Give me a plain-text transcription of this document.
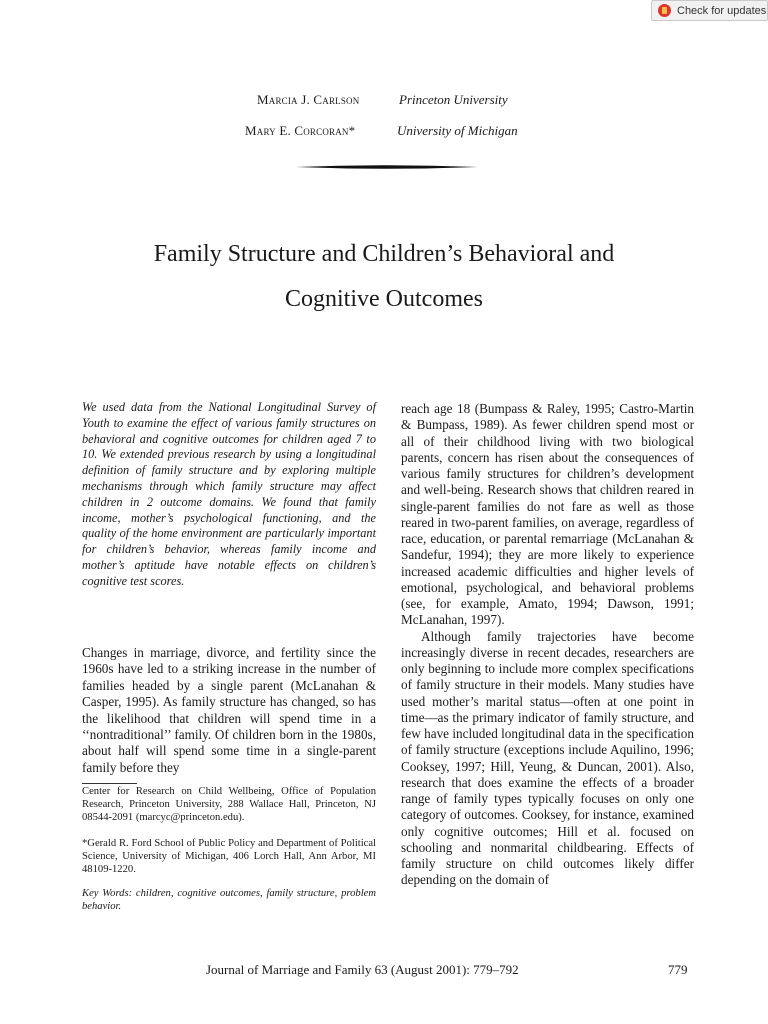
Check for updates
Marcia J. Carlson	Princeton University
Mary E. Corcoran*	University of Michigan
Family Structure and Children’s Behavioral and
Cognitive Outcomes
We used data from the National Longitudinal Survey of Youth to examine the effect of various family structures on behavioral and cognitive outcomes for children aged 7 to 10. We extended previous research by using a longitudinal definition of family structure and by exploring multiple mechanisms through which family structure may affect children in 2 outcome domains. We found that family income, mother’s psychological functioning, and the quality of the home environment are particularly important for children’s behavior, whereas family income and mother’s aptitude have notable effects on children’s cognitive test scores.
Changes in marriage, divorce, and fertility since the 1960s have led to a striking increase in the number of families headed by a single parent (McLanahan & Casper, 1995). As family structure has changed, so has the likelihood that children will spend time in a ‘‘nontraditional’’ family. Of children born in the 1980s, about half will spend some time in a single-parent family before they
Center for Research on Child Wellbeing, Office of Population Research, Princeton University, 288 Wallace Hall, Princeton, NJ 08544-2091 (marcyc@princeton.edu).
*Gerald R. Ford School of Public Policy and Department of Political Science, University of Michigan, 406 Lorch Hall, Ann Arbor, MI 48109-1220.
Key Words: children, cognitive outcomes, family structure, problem behavior.

reach age 18 (Bumpass & Raley, 1995; Castro-Martin & Bumpass, 1989). As fewer children spend most or all of their childhood living with two biological parents, concern has risen about the consequences of various family structures for children’s development and well-being. Research shows that children reared in single-parent families do not fare as well as those reared in two-parent families, on average, regardless of race, education, or parental remarriage (McLanahan & Sandefur, 1994); they are more likely to experience increased academic difficulties and higher levels of emotional, psychological, and behavioral problems (see, for example, Amato, 1994; Dawson, 1991; McLanahan, 1997).

Although family trajectories have become increasingly diverse in recent decades, researchers are only beginning to include more complex specifications of family structure in their models. Many studies have used mother’s marital status—often at one point in time—as the primary indicator of family structure, and few have included longitudinal data in the specification of family structure (exceptions include Aquilino, 1996; Cooksey, 1997; Hill, Yeung, & Duncan, 2001). Also, research that does examine the effects of a broader range of family types typically focuses on only one category of outcomes. Cooksey, for instance, examined only cognitive outcomes; Hill et al. focused on schooling and nonmarital childbearing. Effects of family structure on child outcomes likely differ depending on the domain of

Journal of Marriage and Family 63 (August 2001): 779–792	779
